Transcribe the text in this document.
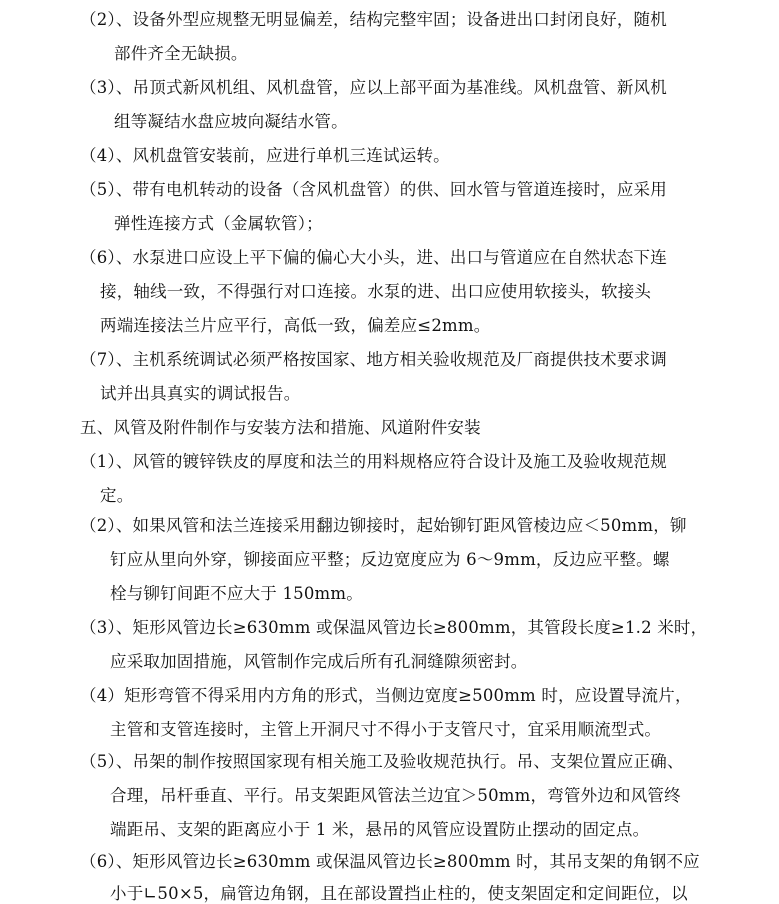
（2）、设备外型应规整无明显偏差，结构完整牢固；设备进出口封闭良好，随机
部件齐全无缺损。
（3）、吊顶式新风机组、风机盘管，应以上部平面为基准线。风机盘管、新风机
组等凝结水盘应坡向凝结水管。
（4）、风机盘管安装前，应进行单机三连试运转。
（5）、带有电机转动的设备（含风机盘管）的供、回水管与管道连接时，应采用
弹性连接方式（金属软管）；
（6）、水泵进口应设上平下偏的偏心大小头，进、出口与管道应在自然状态下连
接，轴线一致，不得强行对口连接。水泵的进、出口应使用软接头，软接头
两端连接法兰片应平行，高低一致，偏差应≤2mm。
（7）、主机系统调试必须严格按国家、地方相关验收规范及厂商提供技术要求调
试并出具真实的调试报告。
五、风管及附件制作与安装方法和措施、风道附件安装
（1）、风管的镀锌铁皮的厚度和法兰的用料规格应符合设计及施工及验收规范规
定。
（2）、如果风管和法兰连接采用翻边铆接时，起始铆钉距风管棱边应＜50mm，铆
钉应从里向外穿，铆接面应平整；反边宽度应为 6～9mm，反边应平整。螺
栓与铆钉间距不应大于 150mm。
（3）、矩形风管边长≥630mm 或保温风管边长≥800mm，其管段长度≥1.2 米时，
应采取加固措施，风管制作完成后所有孔洞缝隙须密封。
（4）矩形弯管不得采用内方角的形式，当侧边宽度≥500mm 时，应设置导流片，
主管和支管连接时，主管上开洞尺寸不得小于支管尺寸，宜采用顺流型式。
（5）、吊架的制作按照国家现有相关施工及验收规范执行。吊、支架位置应正确、
合理，吊杆垂直、平行。吊支架距风管法兰边宜＞50mm，弯管外边和风管终
端距吊、支架的距离应小于 1 米，悬吊的风管应设置防止摆动的固定点。
（6）、矩形风管边长≥630mm 或保温风管边长≥800mm 时，其吊支架的角钢不应
小于∟50×5，扁管边角钢，且在部设置挡止柱的，使支架固定和定间距位，以
